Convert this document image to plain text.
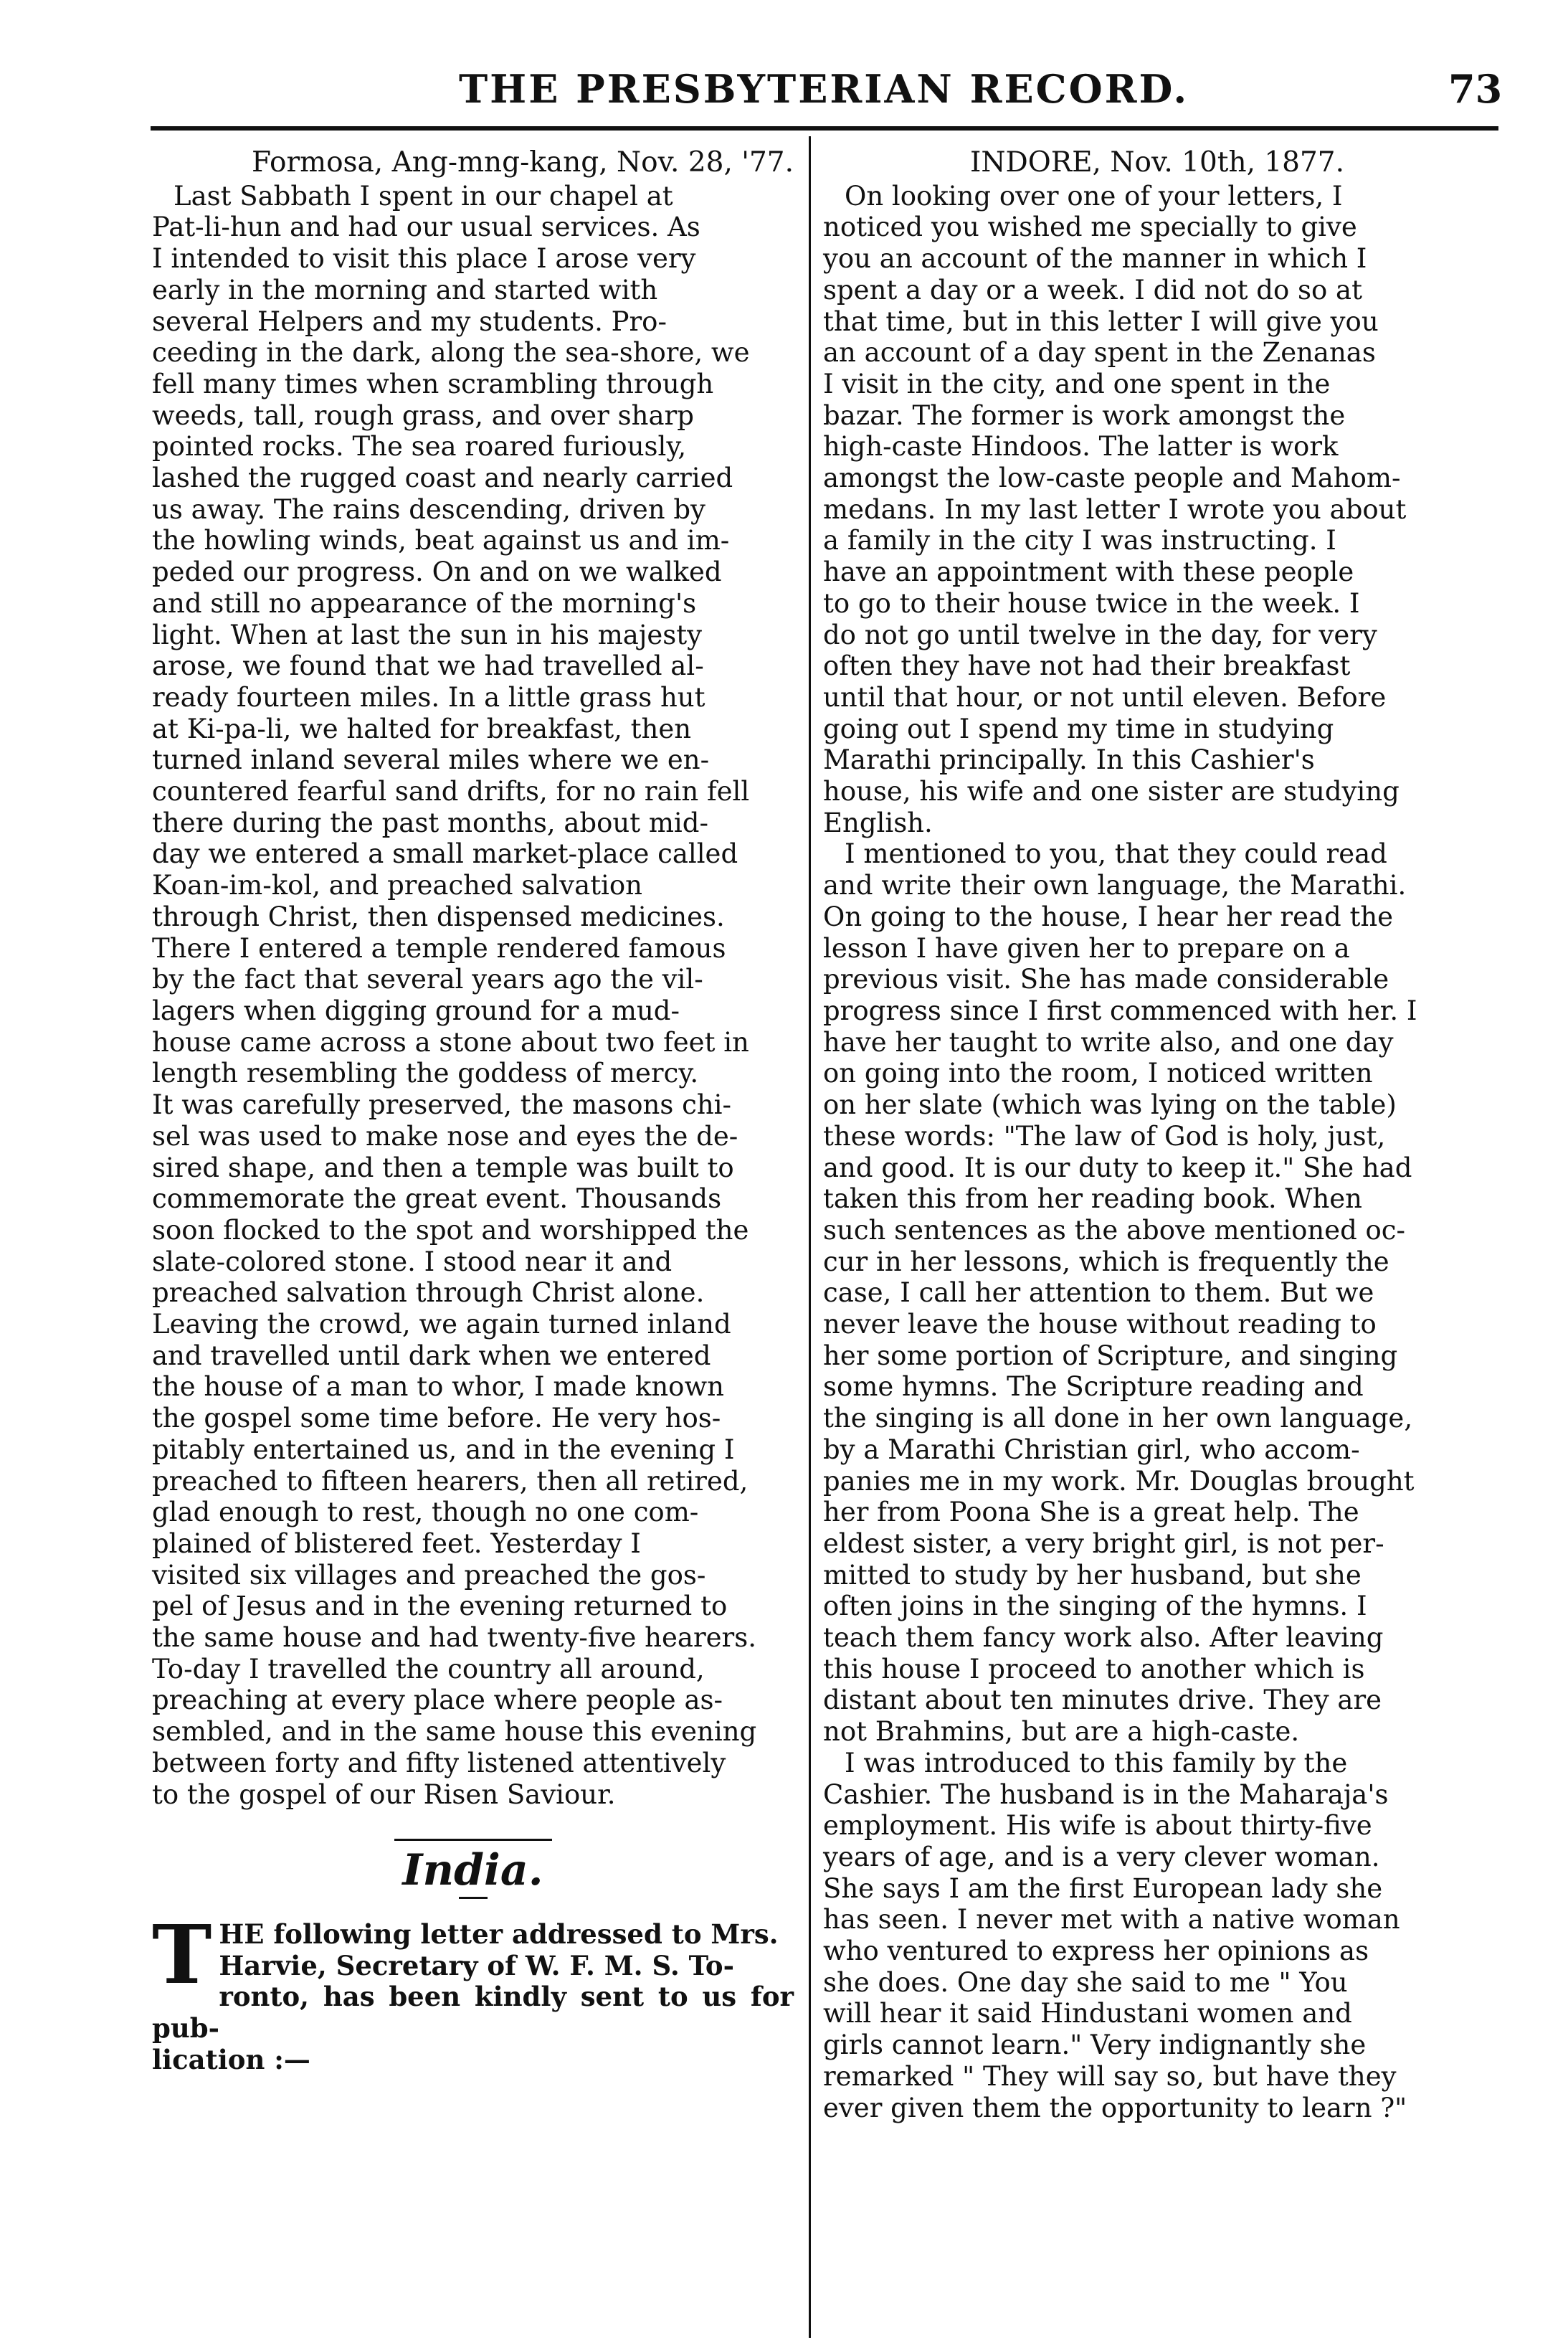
THE PRESBYTERIAN RECORD.	73

Formosa, Ang-mng-kang, Nov. 28, '77.

Last Sabbath I spent in our chapel at
Pat-li-hun and had our usual services. As
I intended to visit this place I arose very
early in the morning and started with
several Helpers and my students. Pro-
ceeding in the dark, along the sea-shore, we
fell many times when scrambling through
weeds, tall, rough grass, and over sharp
pointed rocks. The sea roared furiously,
lashed the rugged coast and nearly carried
us away. The rains descending, driven by
the howling winds, beat against us and im-
peded our progress. On and on we walked
and still no appearance of the morning's
light. When at last the sun in his majesty
arose, we found that we had travelled al-
ready fourteen miles. In a little grass hut
at Ki-pa-li, we halted for breakfast, then
turned inland several miles where we en-
countered fearful sand drifts, for no rain fell
there during the past months, about mid-
day we entered a small market-place called
Koan-im-kol, and preached salvation
through Christ, then dispensed medicines.
There I entered a temple rendered famous
by the fact that several years ago the vil-
lagers when digging ground for a mud-
house came across a stone about two feet in
length resembling the goddess of mercy.
It was carefully preserved, the masons chi-
sel was used to make nose and eyes the de-
sired shape, and then a temple was built to
commemorate the great event. Thousands
soon flocked to the spot and worshipped the
slate-colored stone. I stood near it and
preached salvation through Christ alone.
Leaving the crowd, we again turned inland
and travelled until dark when we entered
the house of a man to whor, I made known
the gospel some time before. He very hos-
pitably entertained us, and in the evening I
preached to fifteen hearers, then all retired,
glad enough to rest, though no one com-
plained of blistered feet. Yesterday I
visited six villages and preached the gos-
pel of Jesus and in the evening returned to
the same house and had twenty-five hearers.
To-day I travelled the country all around,
preaching at every place where people as-
sembled, and in the same house this evening
between forty and fifty listened attentively
to the gospel of our Risen Saviour.

India.
T HE following letter addressed to Mrs.
Harvie, Secretary of W. F. M. S. To-
ronto, has been kindly sent to us for pub-
lication :—

INDORE, Nov. 10th, 1877.

On looking over one of your letters, I
noticed you wished me specially to give
you an account of the manner in which I
spent a day or a week. I did not do so at
that time, but in this letter I will give you
an account of a day spent in the Zenanas
I visit in the city, and one spent in the
bazar. The former is work amongst the
high-caste Hindoos. The latter is work
amongst the low-caste people and Mahom-
medans. In my last letter I wrote you about
a family in the city I was instructing. I
have an appointment with these people
to go to their house twice in the week. I
do not go until twelve in the day, for very
often they have not had their breakfast
until that hour, or not until eleven. Before
going out I spend my time in studying
Marathi principally. In this Cashier's
house, his wife and one sister are studying
English.

I mentioned to you, that they could read
and write their own language, the Marathi.
On going to the house, I hear her read the
lesson I have given her to prepare on a
previous visit. She has made considerable
progress since I first commenced with her. I
have her taught to write also, and one day
on going into the room, I noticed written
on her slate (which was lying on the table)
these words: "The law of God is holy, just,
and good. It is our duty to keep it." She had
taken this from her reading book. When
such sentences as the above mentioned oc-
cur in her lessons, which is frequently the
case, I call her attention to them. But we
never leave the house without reading to
her some portion of Scripture, and singing
some hymns. The Scripture reading and
the singing is all done in her own language,
by a Marathi Christian girl, who accom-
panies me in my work. Mr. Douglas brought
her from Poona She is a great help. The
eldest sister, a very bright girl, is not per-
mitted to study by her husband, but she
often joins in the singing of the hymns. I
teach them fancy work also. After leaving
this house I proceed to another which is
distant about ten minutes drive. They are
not Brahmins, but are a high-caste.

I was introduced to this family by the
Cashier. The husband is in the Maharaja's
employment. His wife is about thirty-five
years of age, and is a very clever woman.
She says I am the first European lady she
has seen. I never met with a native woman
who ventured to express her opinions as
she does. One day she said to me " You
will hear it said Hindustani women and
girls cannot learn." Very indignantly she
remarked " They will say so, but have they
ever given them the opportunity to learn ?"
